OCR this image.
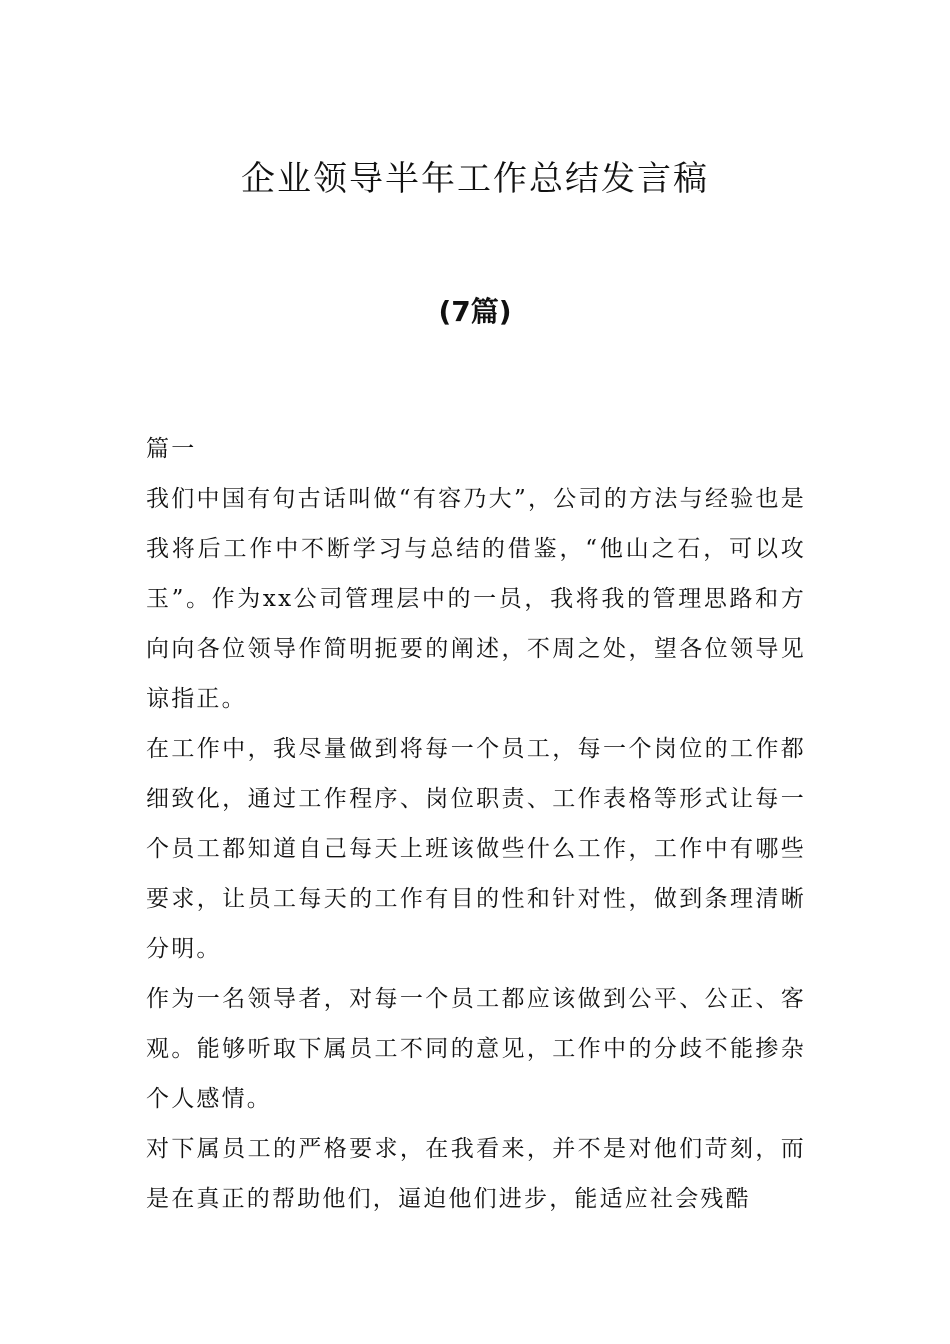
企业领导半年工作总结发言稿
(7篇)

篇一

我们中国有句古话叫做“有容乃大”，公司的方法与经验也是我将后工作中不断学习与总结的借鉴，“他山之石，可以攻玉”。作为xx公司管理层中的一员，我将我的管理思路和方向向各位领导作简明扼要的阐述，不周之处，望各位领导见谅指正。

在工作中，我尽量做到将每一个员工，每一个岗位的工作都细致化，通过工作程序、岗位职责、工作表格等形式让每一个员工都知道自己每天上班该做些什么工作，工作中有哪些要求，让员工每天的工作有目的性和针对性，做到条理清晰分明。

作为一名领导者，对每一个员工都应该做到公平、公正、客观。能够听取下属员工不同的意见，工作中的分歧不能掺杂个人感情。

对下属员工的严格要求，在我看来，并不是对他们苛刻，而是在真正的帮助他们，逼迫他们进步，能适应社会残酷
